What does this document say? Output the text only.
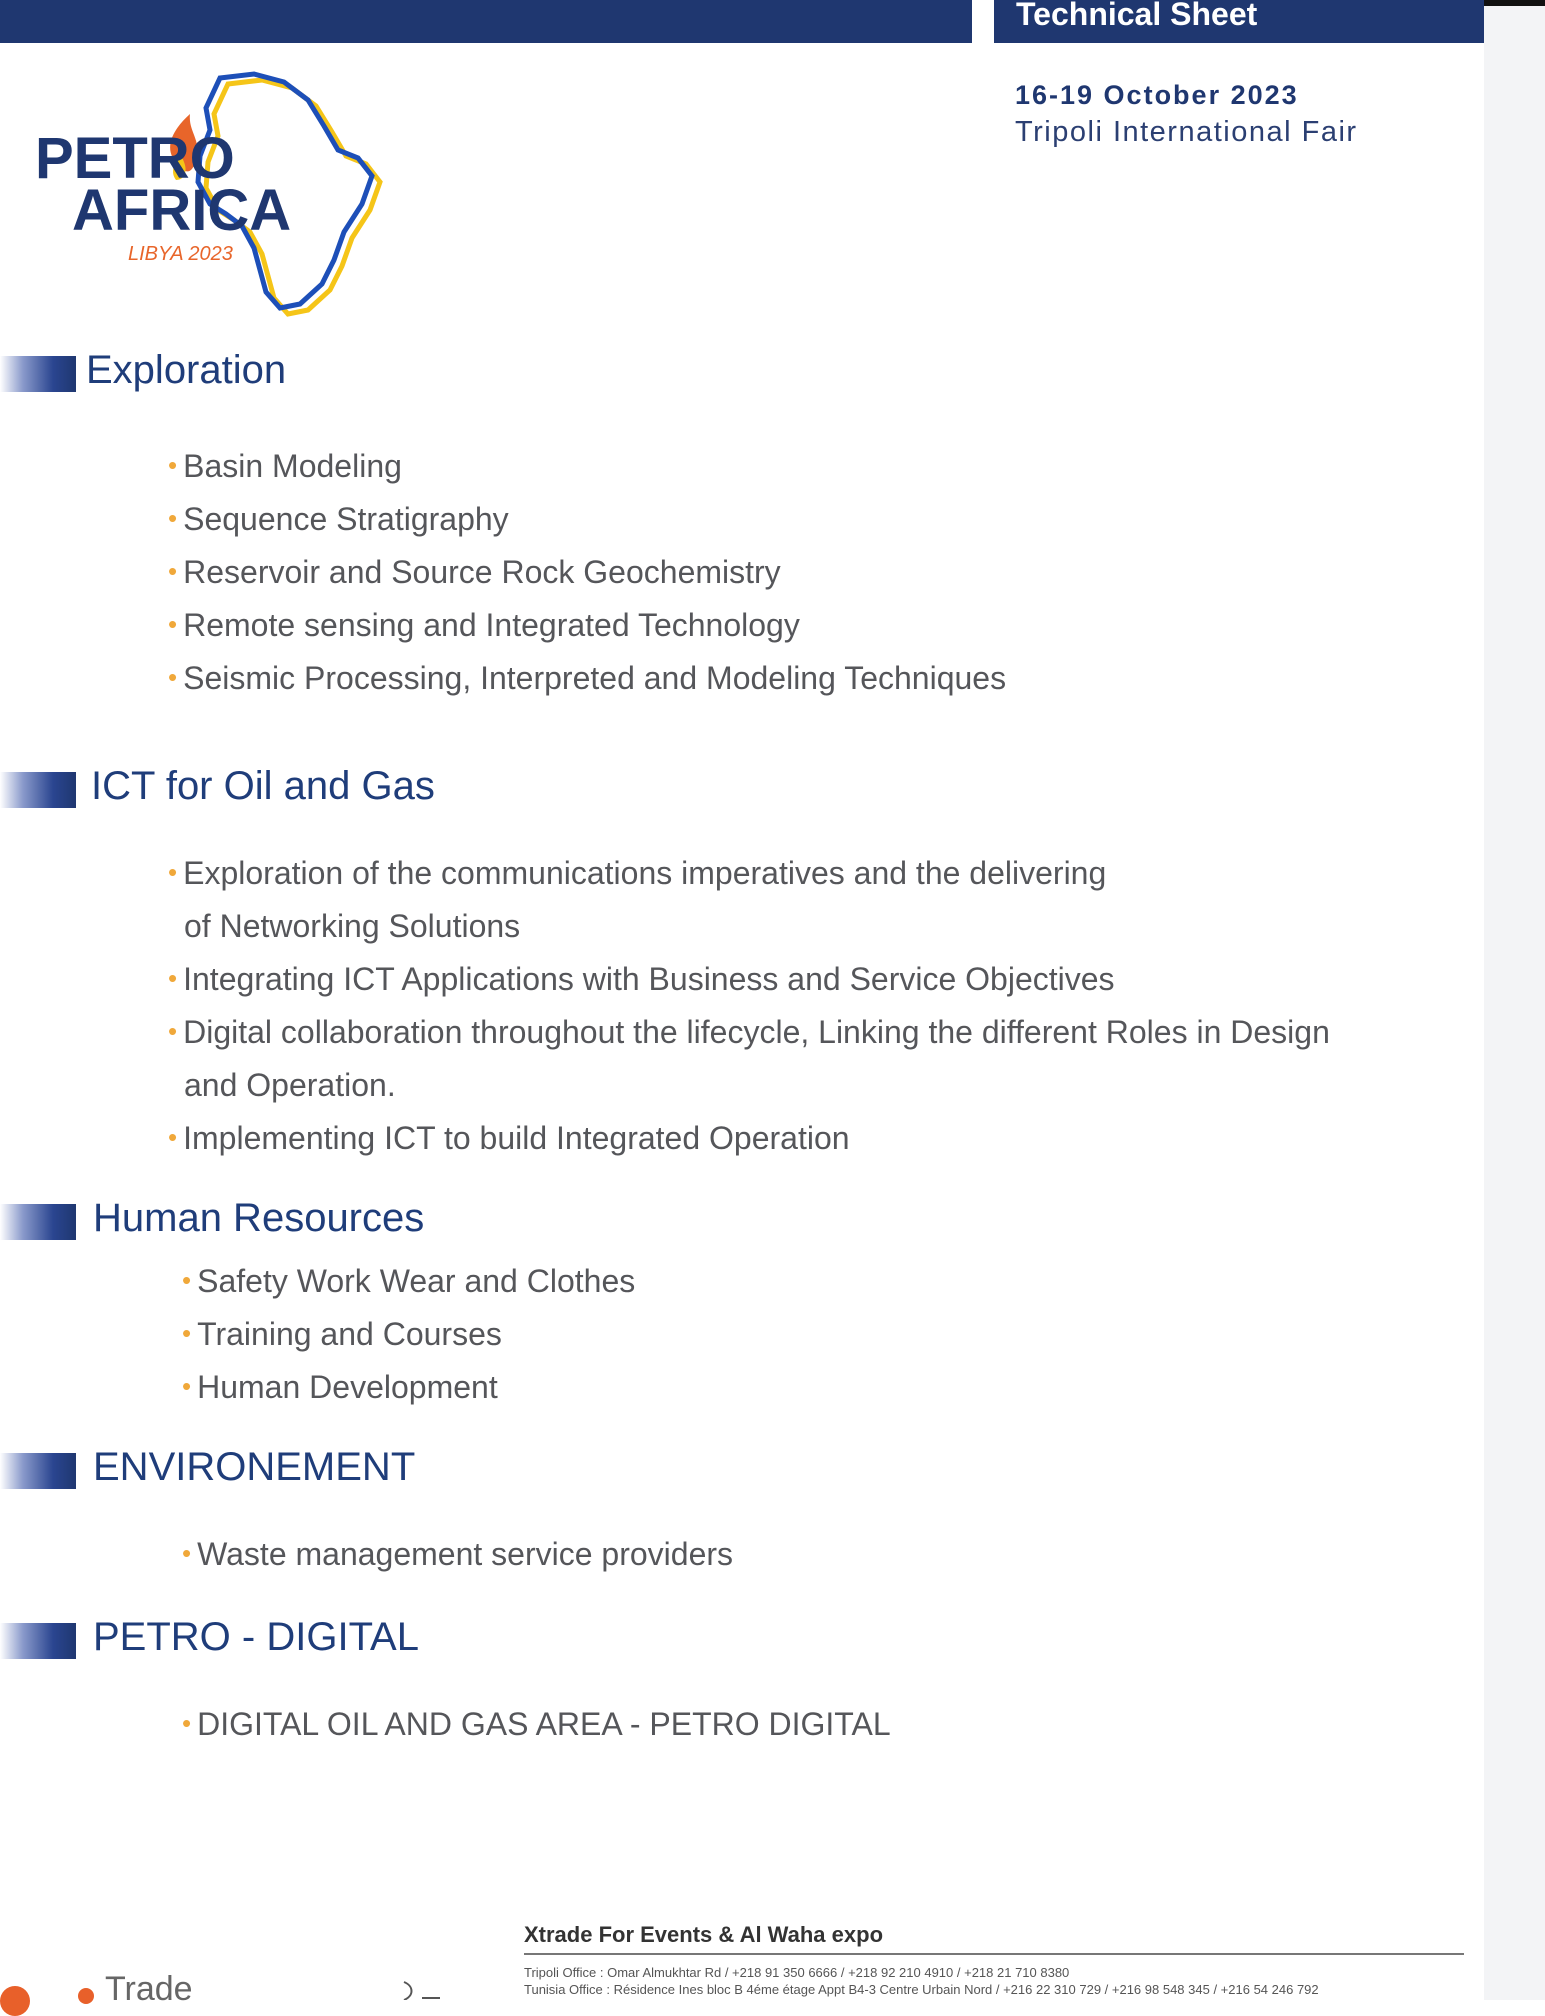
Technical Sheet
PETRO
AFRICA
LIBYA 2023
16-19 October 2023
Tripoli International Fair
Exploration
• Basin Modeling
• Sequence Stratigraphy
• Reservoir and Source Rock Geochemistry
• Remote sensing and Integrated Technology
• Seismic Processing, Interpreted and Modeling Techniques
ICT for Oil and Gas
• Exploration of the communications imperatives and the delivering
of Networking Solutions
• Integrating ICT Applications with Business and Service Objectives
• Digital collaboration throughout the lifecycle, Linking the different Roles in Design
and Operation.
• Implementing ICT to build Integrated Operation
Human Resources
• Safety Work Wear and Clothes
• Training and Courses
• Human Development
ENVIRONEMENT
• Waste management service providers
PETRO - DIGITAL
• DIGITAL OIL AND GAS AREA - PETRO DIGITAL
Trade
Xtrade For Events & Al Waha expo
Tripoli Office : Omar Almukhtar Rd / +218 91 350 6666 / +218 92 210 4910 / +218 21 710 8380
Tunisia Office : Résidence Ines bloc B 4éme étage Appt B4-3 Centre Urbain Nord / +216 22 310 729 / +216 98 548 345 / +216 54 246 792
